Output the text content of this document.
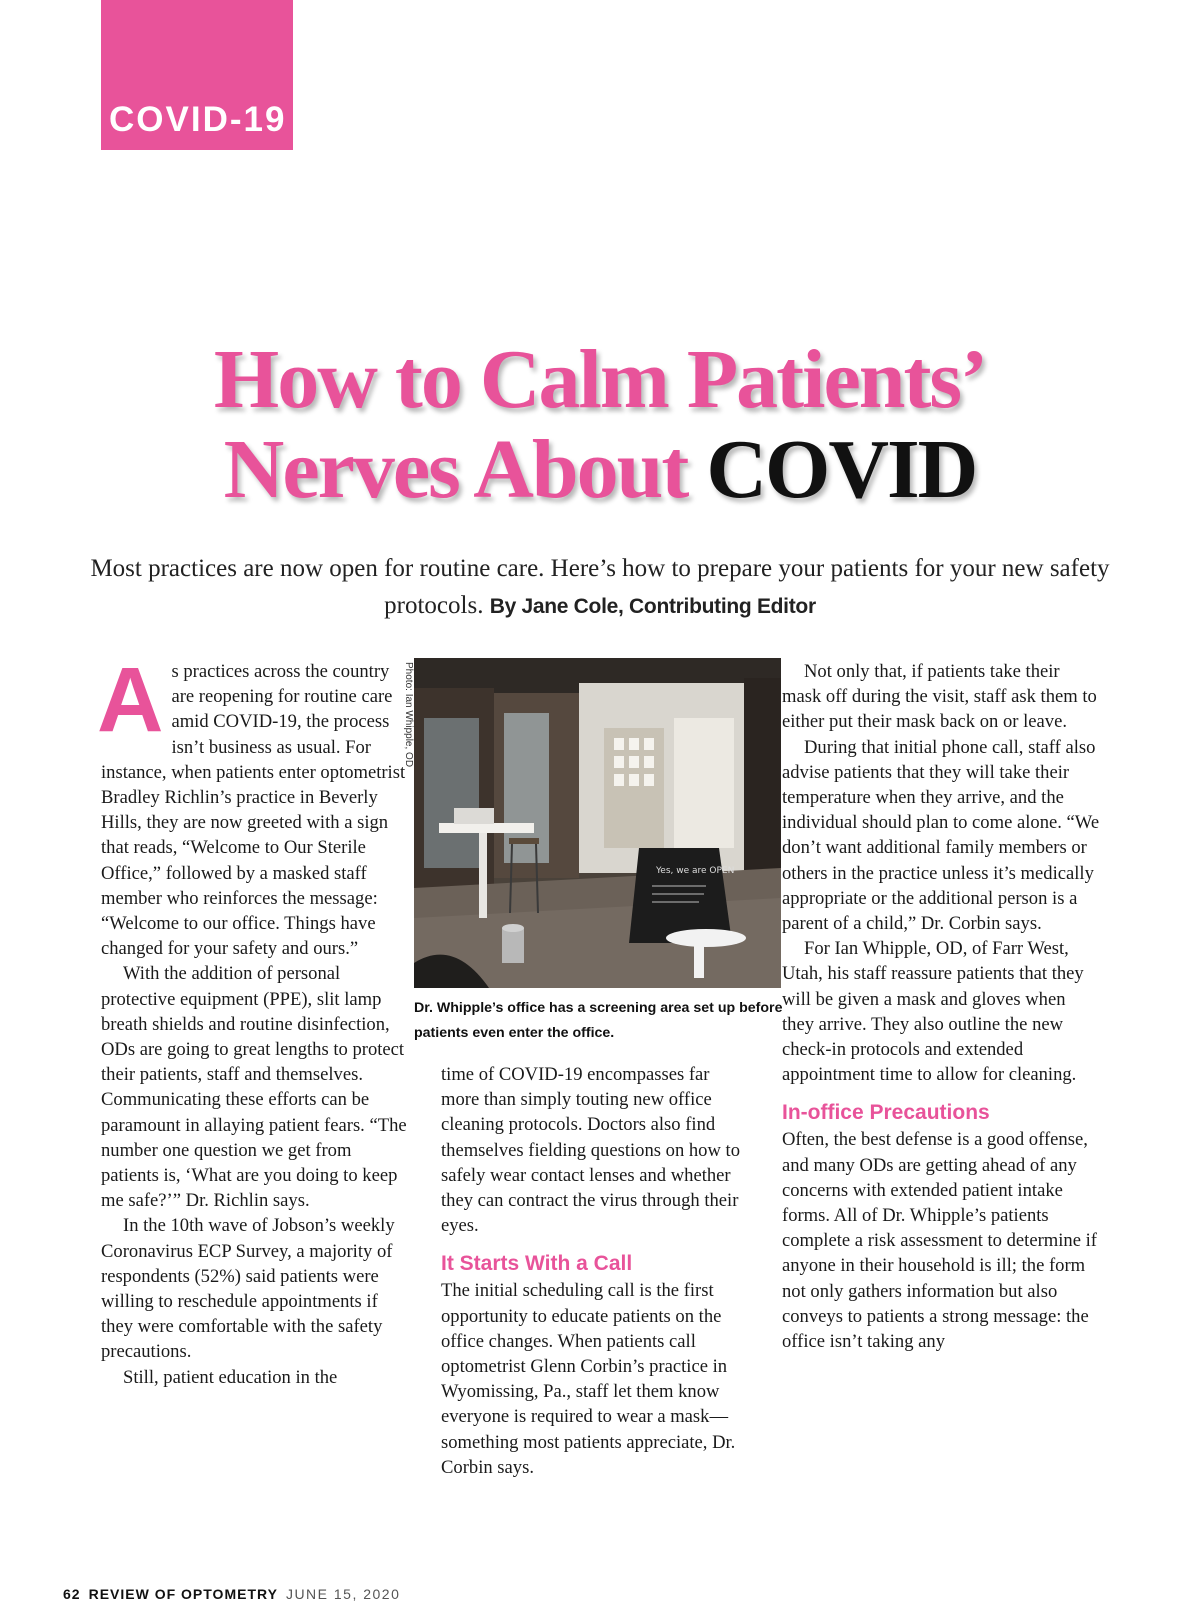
COVID-19
How to Calm Patients’
Nerves About COVID
Most practices are now open for routine care. Here’s how to prepare your patients for your new safety protocols. By Jane Cole, Contributing Editor

As practices across the country are reopening for routine care amid COVID-19, the process isn’t business as usual. For instance, when patients enter optometrist Bradley Richlin’s practice in Beverly Hills, they are now greeted with a sign that reads, “Welcome to Our Sterile Office,” followed by a masked staff member who reinforces the message: “Welcome to our office. Things have changed for your safety and ours.”

With the addition of personal protective equipment (PPE), slit lamp breath shields and routine disinfection, ODs are going to great lengths to protect their patients, staff and themselves. Communicating these efforts can be paramount in allaying patient fears. “The number one question we get from patients is, ‘What are you doing to keep me safe?’” Dr. Richlin says.

In the 10th wave of Jobson’s weekly Coronavirus ECP Survey, a majority of respondents (52%) said patients were willing to reschedule appointments if they were comfortable with the safety precautions.

Still, patient education in the

Photo: Ian Whipple, OD
Yes, we are OPEN
Dr. Whipple’s office has a screening area set up before patients even enter the office.

time of COVID-19 encompasses far more than simply touting new office cleaning protocols. Doctors also find themselves fielding questions on how to safely wear contact lenses and whether they can contract the virus through their eyes.

It Starts With a Call

The initial scheduling call is the first opportunity to educate patients on the office changes. When patients call optometrist Glenn Corbin’s practice in Wyomissing, Pa., staff let them know everyone is required to wear a mask—something most patients appreciate, Dr. Corbin says.

Not only that, if patients take their mask off during the visit, staff ask them to either put their mask back on or leave.

During that initial phone call, staff also advise patients that they will take their temperature when they arrive, and the individual should plan to come alone. “We don’t want additional family members or others in the practice unless it’s medically appropriate or the additional person is a parent of a child,” Dr. Corbin says.

For Ian Whipple, OD, of Farr West, Utah, his staff reassure patients that they will be given a mask and gloves when they arrive. They also outline the new check-in protocols and extended appointment time to allow for cleaning.

In-office Precautions

Often, the best defense is a good offense, and many ODs are getting ahead of any concerns with extended patient intake forms. All of Dr. Whipple’s patients complete a risk assessment to determine if anyone in their household is ill; the form not only gathers information but also conveys to patients a strong message: the office isn’t taking any

62 REVIEW OF OPTOMETRY JUNE 15, 2020
